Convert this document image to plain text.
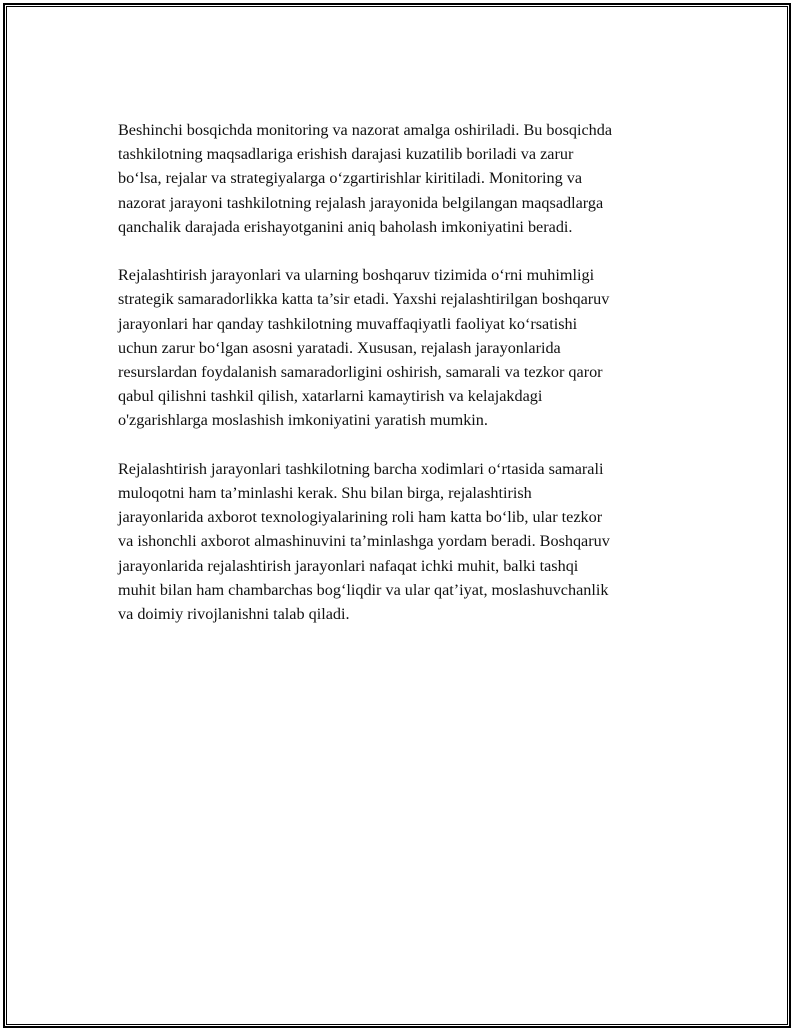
Beshinchi bosqichda monitoring va nazorat amalga oshiriladi. Bu bosqichda
tashkilotning maqsadlariga erishish darajasi kuzatilib boriladi va zarur
bo‘lsa, rejalar va strategiyalarga o‘zgartirishlar kiritiladi. Monitoring va
nazorat jarayoni tashkilotning rejalash jarayonida belgilangan maqsadlarga
qanchalik darajada erishayotganini aniq baholash imkoniyatini beradi.

Rejalashtirish jarayonlari va ularning boshqaruv tizimida o‘rni muhimligi
strategik samaradorlikka katta ta’sir etadi. Yaxshi rejalashtirilgan boshqaruv
jarayonlari har qanday tashkilotning muvaffaqiyatli faoliyat ko‘rsatishi
uchun zarur bo‘lgan asosni yaratadi. Xususan, rejalash jarayonlarida
resurslardan foydalanish samaradorligini oshirish, samarali va tezkor qaror
qabul qilishni tashkil qilish, xatarlarni kamaytirish va kelajakdagi
o'zgarishlarga moslashish imkoniyatini yaratish mumkin.

Rejalashtirish jarayonlari tashkilotning barcha xodimlari o‘rtasida samarali
muloqotni ham ta’minlashi kerak. Shu bilan birga, rejalashtirish
jarayonlarida axborot texnologiyalarining roli ham katta bo‘lib, ular tezkor
va ishonchli axborot almashinuvini ta’minlashga yordam beradi. Boshqaruv
jarayonlarida rejalashtirish jarayonlari nafaqat ichki muhit, balki tashqi
muhit bilan ham chambarchas bog‘liqdir va ular qat’iyat, moslashuvchanlik
va doimiy rivojlanishni talab qiladi.
